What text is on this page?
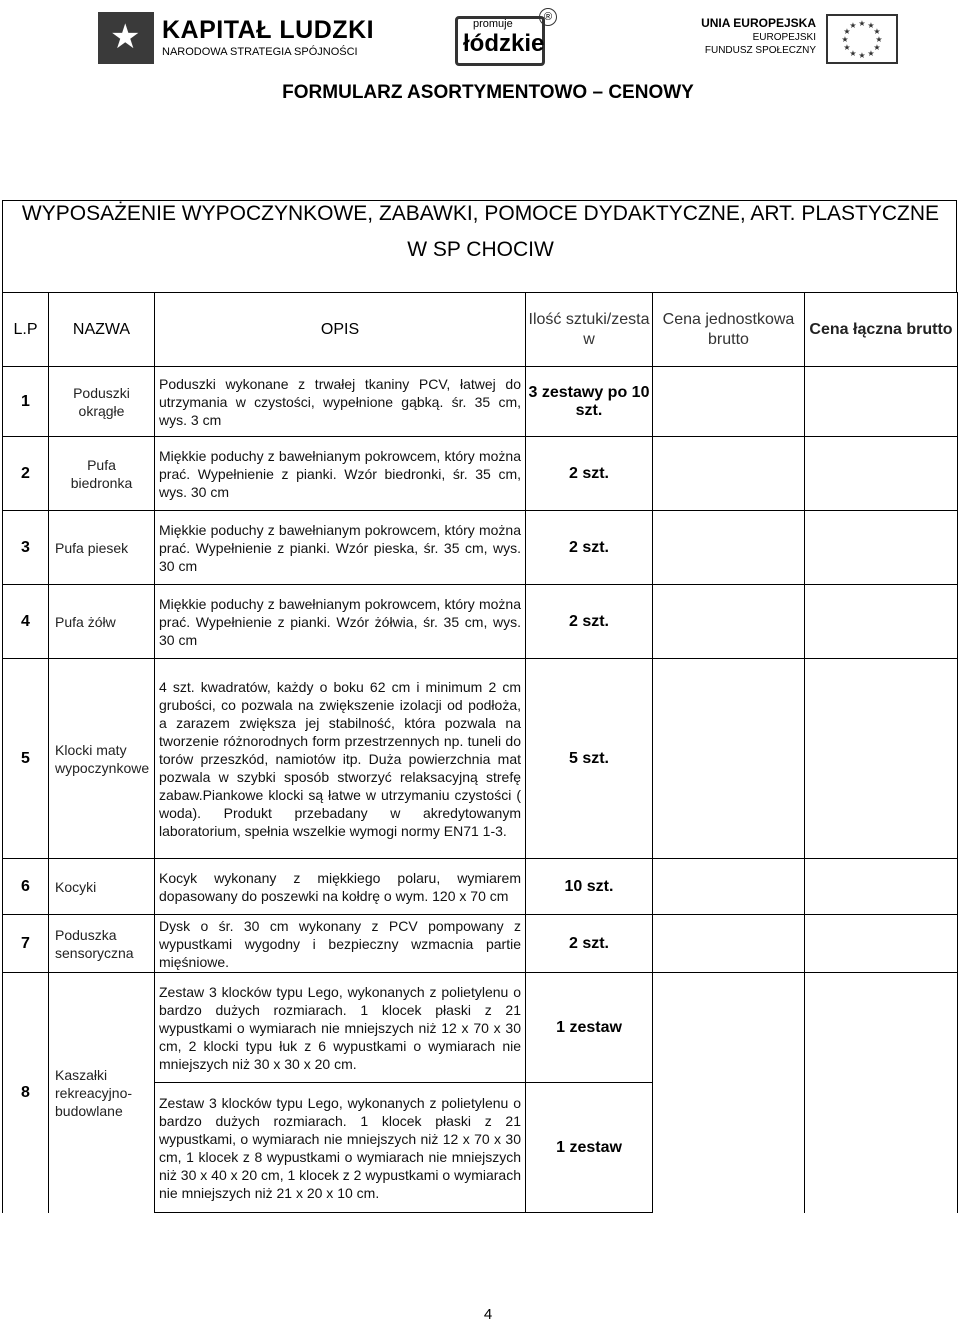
★ KAPITAŁ LUDZKI
NARODOWA STRATEGIA SPÓJNOŚCI
promuje
łódzkie
®	UNIA EUROPEJSKA
EUROPEJSKI
FUNDUSZ SPOŁECZNY
★ ★
★
★
★
★
★
★
★
★
★
★
FORMULARZ ASORTYMENTOWO – CENOWY
WYPOSAŻENIE WYPOCZYNKOWE, ZABAWKI, POMOCE DYDAKTYCZNE, ART. PLASTYCZNE
W SP CHOCIW
L.P	NAZWA	OPIS	Ilość sztuki/zesta w	Cena jednostkowa brutto	Cena łączna brutto
1	Poduszki okrągłe	Poduszki wykonane z trwałej tkaniny PCV, łatwej do utrzymania w czystości, wypełnione gąbką. śr. 35 cm, wys. 3 cm	3 zestawy po 10 szt.		
2	Pufa biedronka	Miękkie poduchy z bawełnianym pokrowcem, który można prać. Wypełnienie z pianki. Wzór biedronki, śr. 35 cm, wys. 30 cm	2 szt.		
3	Pufa piesek	Miękkie poduchy z bawełnianym pokrowcem, który można prać. Wypełnienie z pianki. Wzór pieska, śr. 35 cm, wys. 30 cm	2 szt.		
4	Pufa żółw	Miękkie poduchy z bawełnianym pokrowcem, który można prać. Wypełnienie z pianki. Wzór żółwia, śr. 35 cm, wys. 30 cm	2 szt.		
5	Klocki maty wypoczynkowe	4 szt. kwadratów, każdy o boku 62 cm i minimum 2 cm grubości, co pozwala na zwiększenie izolacji od podłoża, a zarazem zwiększa jej stabilność, która pozwala na tworzenie różnorodnych form przestrzennych np. tuneli do torów przeszkód, namiotów itp. Duża powierzchnia mat pozwala w szybki sposób stworzyć relaksacyjną strefę zabaw.Piankowe klocki są łatwe w utrzymaniu czystości ( woda). Produkt przebadany w akredytowanym laboratorium, spełnia wszelkie wymogi normy EN71 1-3.	5 szt.		
6	Kocyki	Kocyk wykonany z miękkiego polaru, wymiarem dopasowany do poszewki na kołdrę o wym. 120 x 70 cm	10 szt.		
7	Poduszka sensoryczna	Dysk o śr. 30 cm wykonany z PCV pompowany z wypustkami wygodny i bezpieczny wzmacnia partie mięśniowe.	2 szt.		
8	Kaszałki rekreacyjno-budowlane	Zestaw 3 klocków typu Lego, wykonanych z polietylenu o bardzo dużych rozmiarach. 1 klocek płaski z 21 wypustkami o wymiarach nie mniejszych niż 12 x 70 x 30 cm, 2 klocki typu łuk z 6 wypustkami o wymiarach nie mniejszych niż 30 x 30 x 20 cm.	1 zestaw		
		Zestaw 3 klocków typu Lego, wykonanych z polietylenu o bardzo dużych rozmiarach. 1 klocek płaski z 21 wypustkami, o wymiarach nie mniejszych niż 12 x 70 x 30 cm, 1 klocek z 8 wypustkami o wymiarach nie mniejszych niż 30 x 40 x 20 cm, 1 klocek z 2 wypustkami o wymiarach nie mniejszych niż 21 x 20 x 10 cm.	1 zestaw		
4
